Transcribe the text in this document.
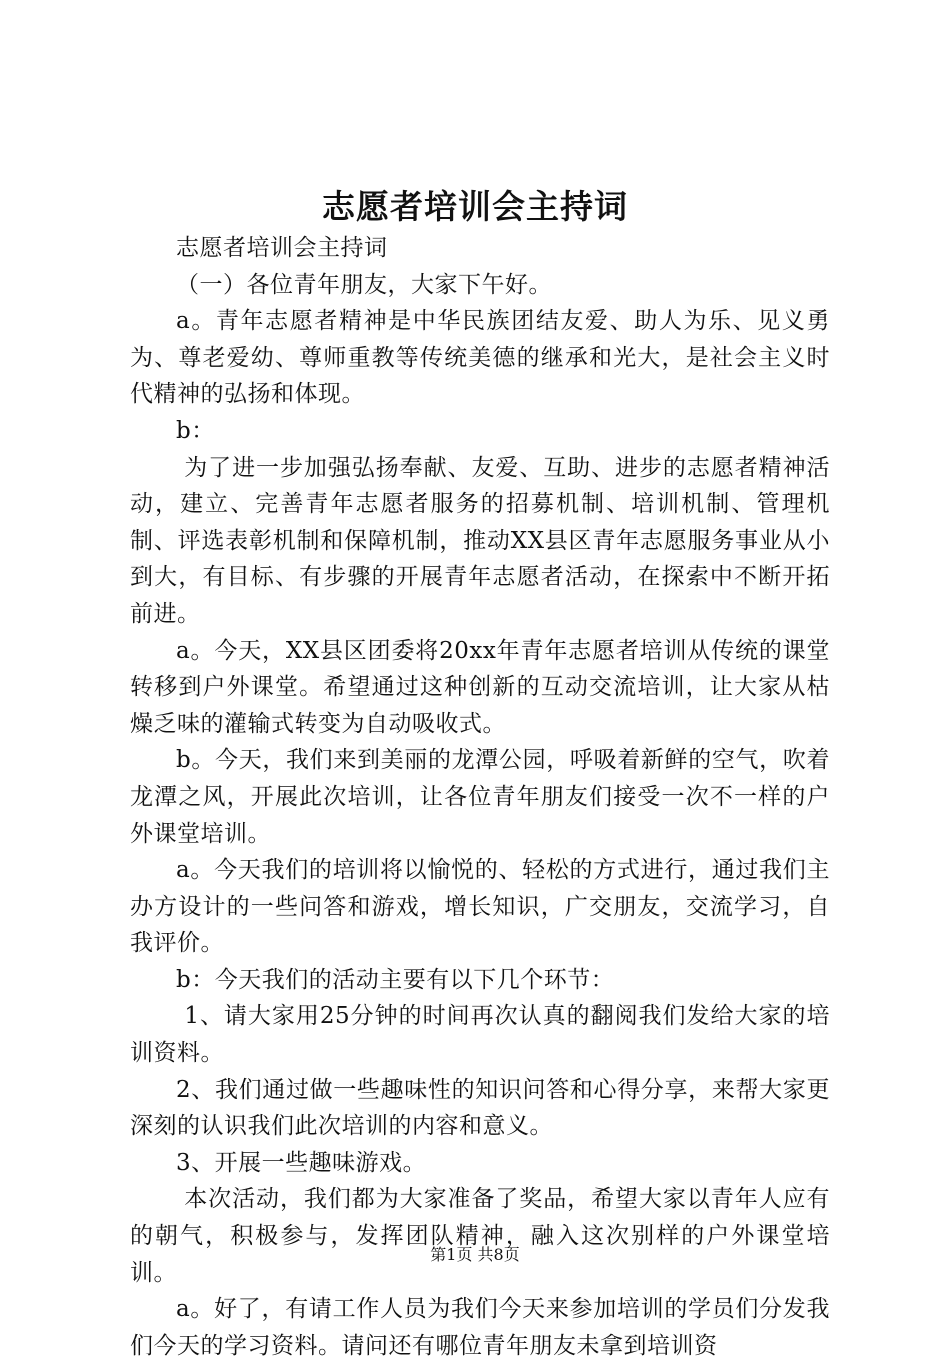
志愿者培训会主持词

志愿者培训会主持词

（一）各位青年朋友，大家下午好。

a。青年志愿者精神是中华民族团结友爱、助人为乐、见义勇为、尊老爱幼、尊师重教等传统美德的继承和光大，是社会主义时代精神的弘扬和体现。

b：

为了进一步加强弘扬奉献、友爱、互助、进步的志愿者精神活动，建立、完善青年志愿者服务的招募机制、培训机制、管理机制、评选表彰机制和保障机制，推动XX县区青年志愿服务事业从小到大，有目标、有步骤的开展青年志愿者活动，在探索中不断开拓前进。

a。今天，XX县区团委将20xx年青年志愿者培训从传统的课堂转移到户外课堂。希望通过这种创新的互动交流培训，让大家从枯燥乏味的灌输式转变为自动吸收式。

b。今天，我们来到美丽的龙潭公园，呼吸着新鲜的空气，吹着龙潭之风，开展此次培训，让各位青年朋友们接受一次不一样的户外课堂培训。

a。今天我们的培训将以愉悦的、轻松的方式进行，通过我们主办方设计的一些问答和游戏，增长知识，广交朋友，交流学习，自我评价。

b：今天我们的活动主要有以下几个环节：

1、请大家用25分钟的时间再次认真的翻阅我们发给大家的培训资料。

2、我们通过做一些趣味性的知识问答和心得分享，来帮大家更深刻的认识我们此次培训的内容和意义。

3、开展一些趣味游戏。

本次活动，我们都为大家准备了奖品，希望大家以青年人应有的朝气，积极参与，发挥团队精神，融入这次别样的户外课堂培训。

a。好了，有请工作人员为我们今天来参加培训的学员们分发我们今天的学习资料。请问还有哪位青年朋友未拿到培训资

第1页 共8页
